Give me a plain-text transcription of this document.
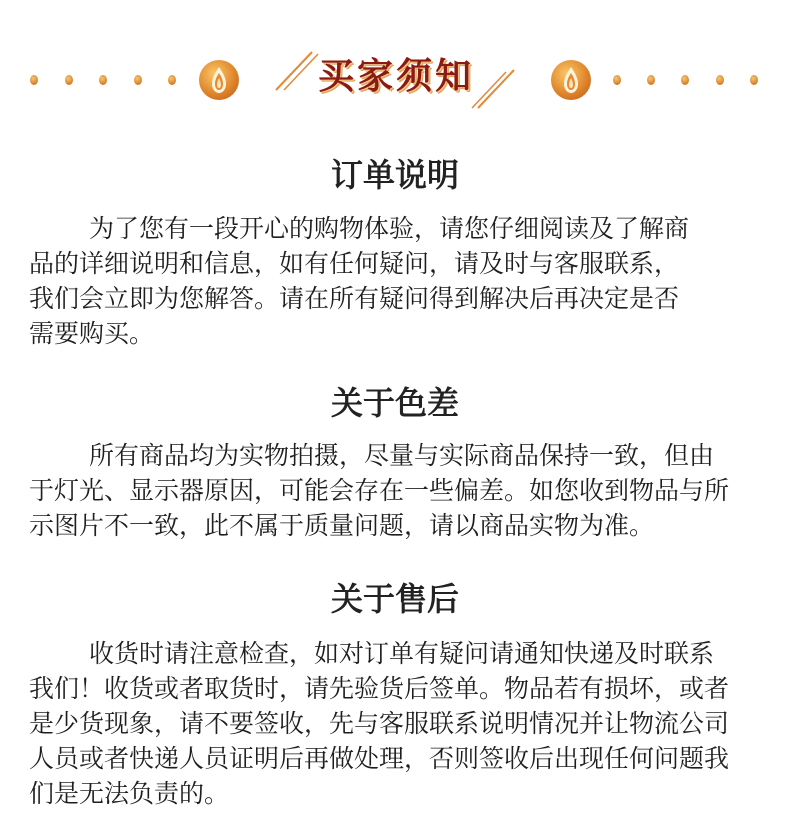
买家须知
订单说明
为了您有一段开心的购物体验，请您仔细阅读及了解商
品的详细说明和信息，如有任何疑问，请及时与客服联系，
我们会立即为您解答。请在所有疑问得到解决后再决定是否
需要购买。
关于色差
所有商品均为实物拍摄，尽量与实际商品保持一致，但由
于灯光、显示器原因，可能会存在一些偏差。如您收到物品与所
示图片不一致，此不属于质量问题，请以商品实物为准。
关于售后
收货时请注意检查，如对订单有疑问请通知快递及时联系
我们！收货或者取货时，请先验货后签单。物品若有损坏，或者
是少货现象，请不要签收，先与客服联系说明情况并让物流公司
人员或者快递人员证明后再做处理，否则签收后出现任何问题我
们是无法负责的。
